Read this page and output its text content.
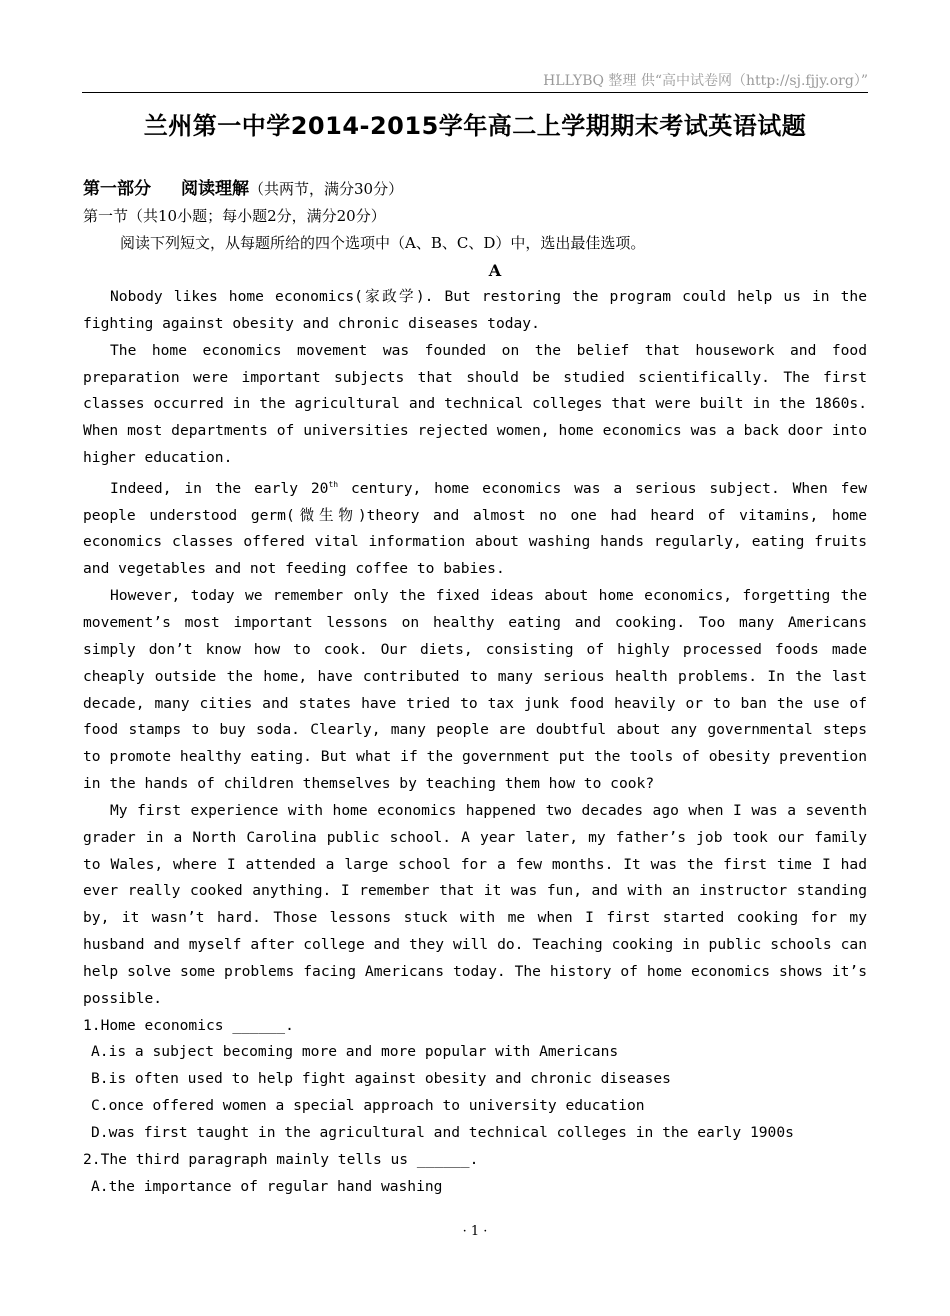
HLLYBQ 整理 供“高中试卷网（http://sj.fjjy.org）”
兰州第一中学2014-2015学年高二上学期期末考试英语试题
第一部分 阅读理解（共两节，满分30分）
第一节（共10小题；每小题2分，满分20分）
阅读下列短文，从每题所给的四个选项中（A、B、C、D）中，选出最佳选项。
A

Nobody likes home economics(家政学). But restoring the program could help us in the fighting against obesity and chronic diseases today.

The home economics movement was founded on the belief that housework and food preparation were important subjects that should be studied scientifically. The first classes occurred in the agricultural and technical colleges that were built in the 1860s. When most departments of universities rejected women, home economics was a back door into higher education.

Indeed, in the early 20th century, home economics was a serious subject. When few people understood germ(微生物)theory and almost no one had heard of vitamins, home economics classes offered vital information about washing hands regularly, eating fruits and vegetables and not feeding coffee to babies.

However, today we remember only the fixed ideas about home economics, forgetting the movement’s most important lessons on healthy eating and cooking. Too many Americans simply don’t know how to cook. Our diets, consisting of highly processed foods made cheaply outside the home, have contributed to many serious health problems. In the last decade, many cities and states have tried to tax junk food heavily or to ban the use of food stamps to buy soda. Clearly, many people are doubtful about any governmental steps to promote healthy eating. But what if the government put the tools of obesity prevention in the hands of children themselves by teaching them how to cook?

My first experience with home economics happened two decades ago when I was a seventh grader in a North Carolina public school. A year later, my father’s job took our family to Wales, where I attended a large school for a few months. It was the first time I had ever really cooked anything. I remember that it was fun, and with an instructor standing by, it wasn’t hard. Those lessons stuck with me when I first started cooking for my husband and myself after college and they will do. Teaching cooking in public schools can help solve some problems facing Americans today. The history of home economics shows it’s possible.

1.Home economics ______.

A.is a subject becoming more and more popular with Americans

B.is often used to help fight against obesity and chronic diseases

C.once offered women a special approach to university education

D.was first taught in the agricultural and technical colleges in the early 1900s

2.The third paragraph mainly tells us ______.

A.the importance of regular hand washing

· 1 ·
